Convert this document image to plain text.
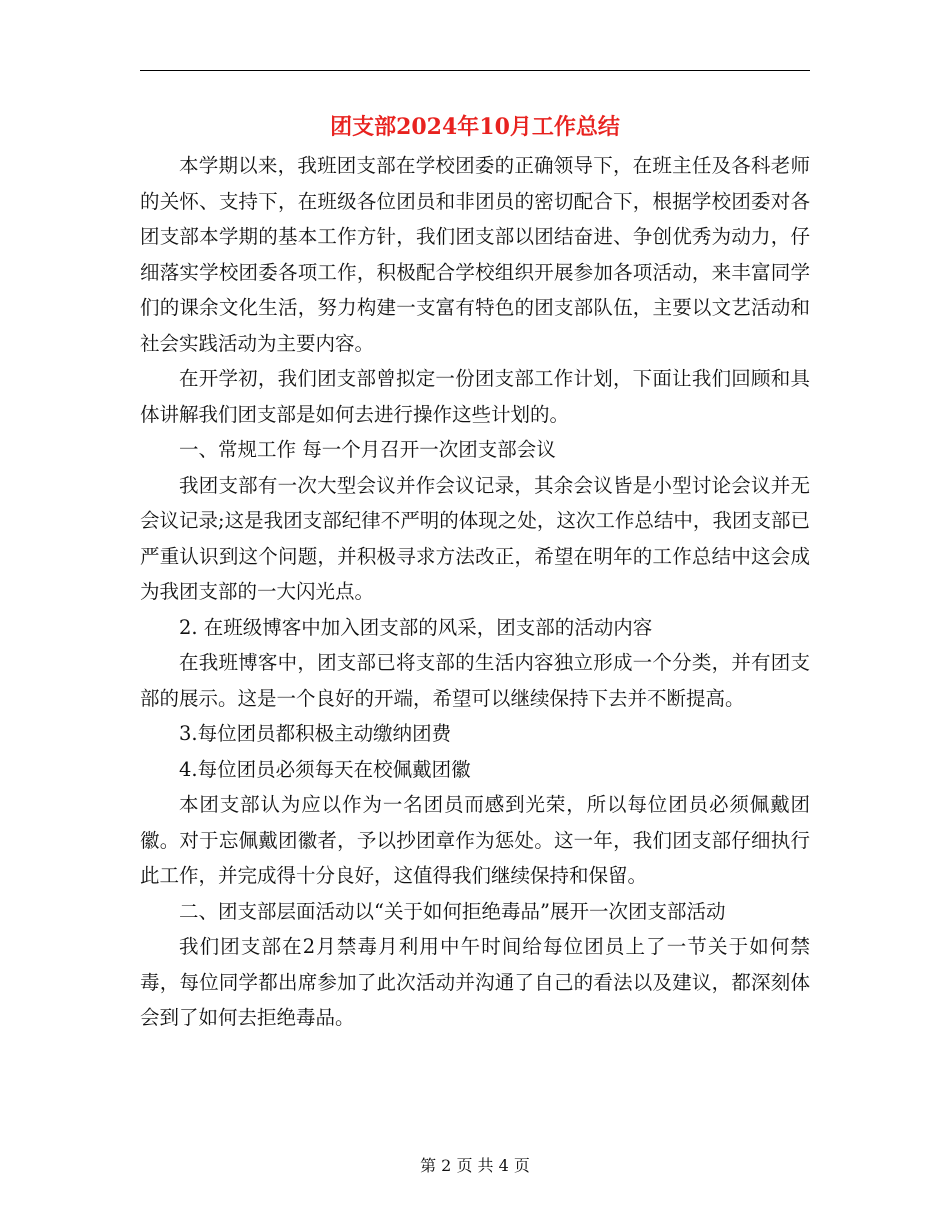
团支部2024年10月工作总结

本学期以来，我班团支部在学校团委的正确领导下，在班主任及各科老师的关怀、支持下，在班级各位团员和非团员的密切配合下，根据学校团委对各团支部本学期的基本工作方针，我们团支部以团结奋进、争创优秀为动力，仔细落实学校团委各项工作，积极配合学校组织开展参加各项活动，来丰富同学们的课余文化生活，努力构建一支富有特色的团支部队伍，主要以文艺活动和社会实践活动为主要内容。

在开学初，我们团支部曾拟定一份团支部工作计划，下面让我们回顾和具体讲解我们团支部是如何去进行操作这些计划的。

一、常规工作 每一个月召开一次团支部会议

我团支部有一次大型会议并作会议记录，其余会议皆是小型讨论会议并无会议记录;这是我团支部纪律不严明的体现之处，这次工作总结中，我团支部已严重认识到这个问题，并积极寻求方法改正，希望在明年的工作总结中这会成为我团支部的一大闪光点。

2. 在班级博客中加入团支部的风采，团支部的活动内容

在我班博客中，团支部已将支部的生活内容独立形成一个分类，并有团支部的展示。这是一个良好的开端，希望可以继续保持下去并不断提高。

3.每位团员都积极主动缴纳团费

4.每位团员必须每天在校佩戴团徽

本团支部认为应以作为一名团员而感到光荣，所以每位团员必须佩戴团徽。对于忘佩戴团徽者，予以抄团章作为惩处。这一年，我们团支部仔细执行此工作，并完成得十分良好，这值得我们继续保持和保留。

二、团支部层面活动以“关于如何拒绝毒品”展开一次团支部活动

我们团支部在2月禁毒月利用中午时间给每位团员上了一节关于如何禁毒，每位同学都出席参加了此次活动并沟通了自己的看法以及建议，都深刻体会到了如何去拒绝毒品。

第 2 页 共 4 页
